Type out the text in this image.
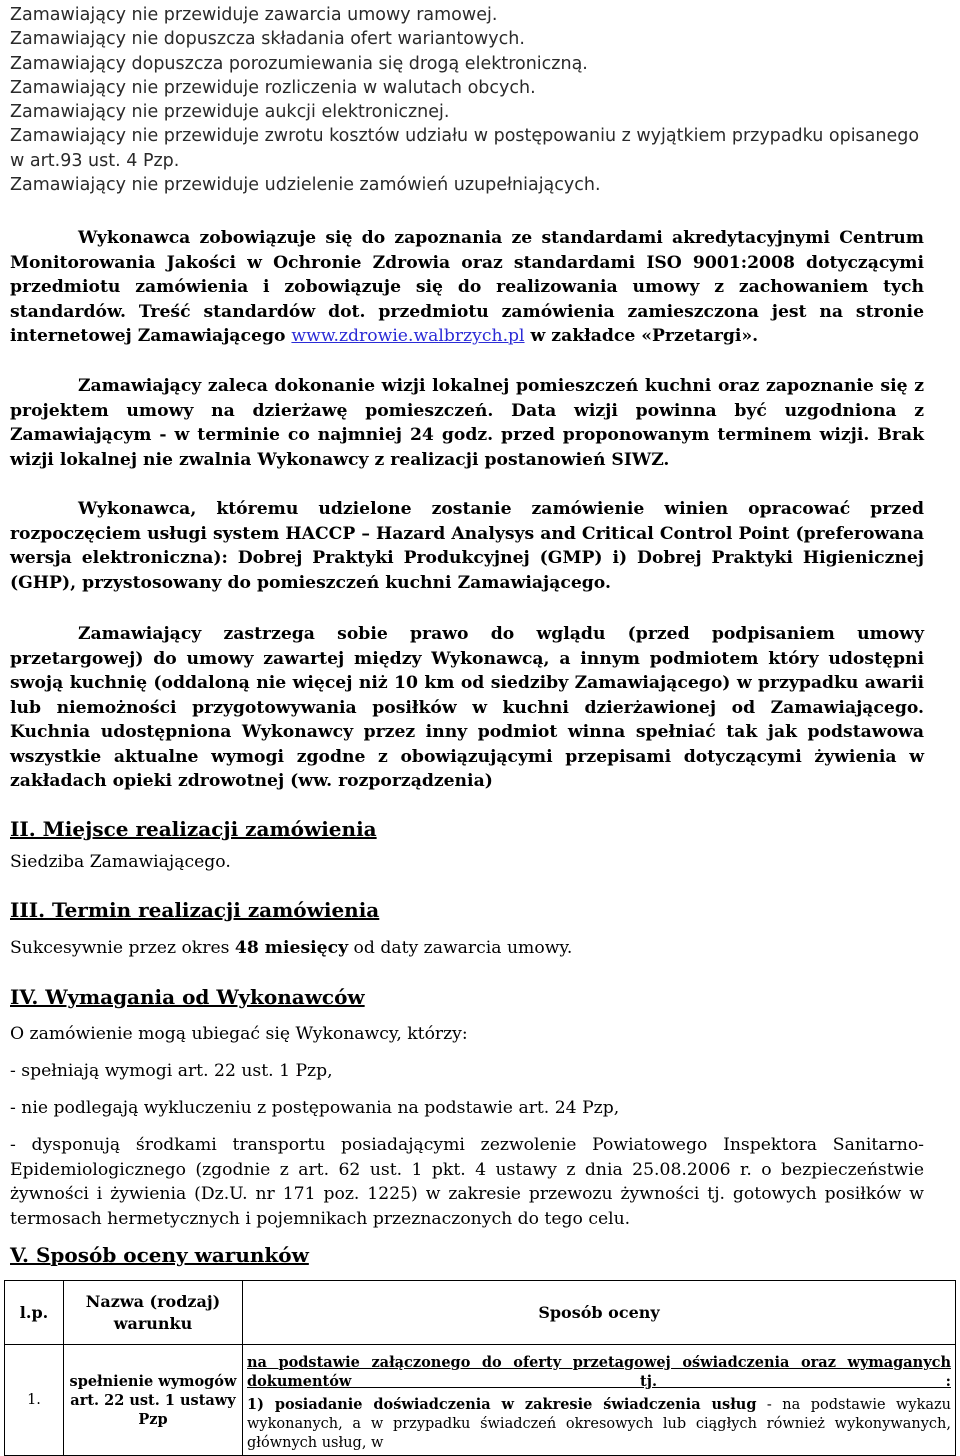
Zamawiający nie przewiduje zawarcia umowy ramowej.
Zamawiający nie dopuszcza składania ofert wariantowych.
Zamawiający dopuszcza porozumiewania się drogą elektroniczną.
Zamawiający nie przewiduje rozliczenia w walutach obcych.
Zamawiający nie przewiduje aukcji elektronicznej.
Zamawiający nie przewiduje zwrotu kosztów udziału w postępowaniu z wyjątkiem przypadku opisanego w art.93 ust. 4 Pzp.
Zamawiający nie przewiduje udzielenie zamówień uzupełniających.

Wykonawca zobowiązuje się do zapoznania ze standardami akredytacyjnymi Centrum Monitorowania Jakości w Ochronie Zdrowia oraz standardami ISO 9001:2008 dotyczącymi przedmiotu zamówienia i zobowiązuje się do realizowania umowy z zachowaniem tych standardów. Treść standardów dot. przedmiotu zamówienia zamieszczona jest na stronie internetowej Zamawiającego www.zdrowie.walbrzych.pl w zakładce «Przetargi».

Zamawiający zaleca dokonanie wizji lokalnej pomieszczeń kuchni oraz zapoznanie się z projektem umowy na dzierżawę pomieszczeń. Data wizji powinna być uzgodniona z Zamawiającym - w terminie co najmniej 24 godz. przed proponowanym terminem wizji. Brak wizji lokalnej nie zwalnia Wykonawcy z realizacji postanowień SIWZ.

Wykonawca, któremu udzielone zostanie zamówienie winien opracować przed rozpoczęciem usługi system HACCP – Hazard Analysys and Critical Control Point (preferowana wersja elektroniczna): Dobrej Praktyki Produkcyjnej (GMP) i) Dobrej Praktyki Higienicznej (GHP), przystosowany do pomieszczeń kuchni Zamawiającego.

Zamawiający zastrzega sobie prawo do wglądu (przed podpisaniem umowy przetargowej) do umowy zawartej między Wykonawcą, a innym podmiotem który udostępni swoją kuchnię (oddaloną nie więcej niż 10 km od siedziby Zamawiającego) w przypadku awarii lub niemożności przygotowywania posiłków w kuchni dzierżawionej od Zamawiającego. Kuchnia udostępniona Wykonawcy przez inny podmiot winna spełniać tak jak podstawowa wszystkie aktualne wymogi zgodne z obowiązującymi przepisami dotyczącymi żywienia w zakładach opieki zdrowotnej (ww. rozporządzenia)

II. Miejsce realizacji zamówienia

Siedziba Zamawiającego.

III. Termin realizacji zamówienia

Sukcesywnie przez okres 48 miesięcy od daty zawarcia umowy.

IV. Wymagania od Wykonawców

O zamówienie mogą ubiegać się Wykonawcy, którzy:

- spełniają wymogi art. 22 ust. 1 Pzp,

- nie podlegają wykluczeniu z postępowania na podstawie art. 24 Pzp,

- dysponują środkami transportu posiadającymi zezwolenie Powiatowego Inspektora Sanitarno-Epidemiologicznego (zgodnie z art. 62 ust. 1 pkt. 4 ustawy z dnia 25.08.2006 r. o bezpieczeństwie żywności i żywienia (Dz.U. nr 171 poz. 1225) w zakresie przewozu żywności tj. gotowych posiłków w termosach hermetycznych i pojemnikach przeznaczonych do tego celu.

V. Sposób oceny warunków
l.p.	Nazwa (rodzaj) warunku	Sposób oceny
1.	spełnienie wymogów art. 22 ust. 1 ustawy Pzp	na podstawie załączonego do oferty przetagowej oświadczenia oraz wymaganych dokumentów tj. :
1) posiadanie doświadczenia w zakresie świadczenia usług - na podstawie wykazu wykonanych, a w przypadku świadczeń okresowych lub ciągłych również wykonywanych, głównych usług, w
